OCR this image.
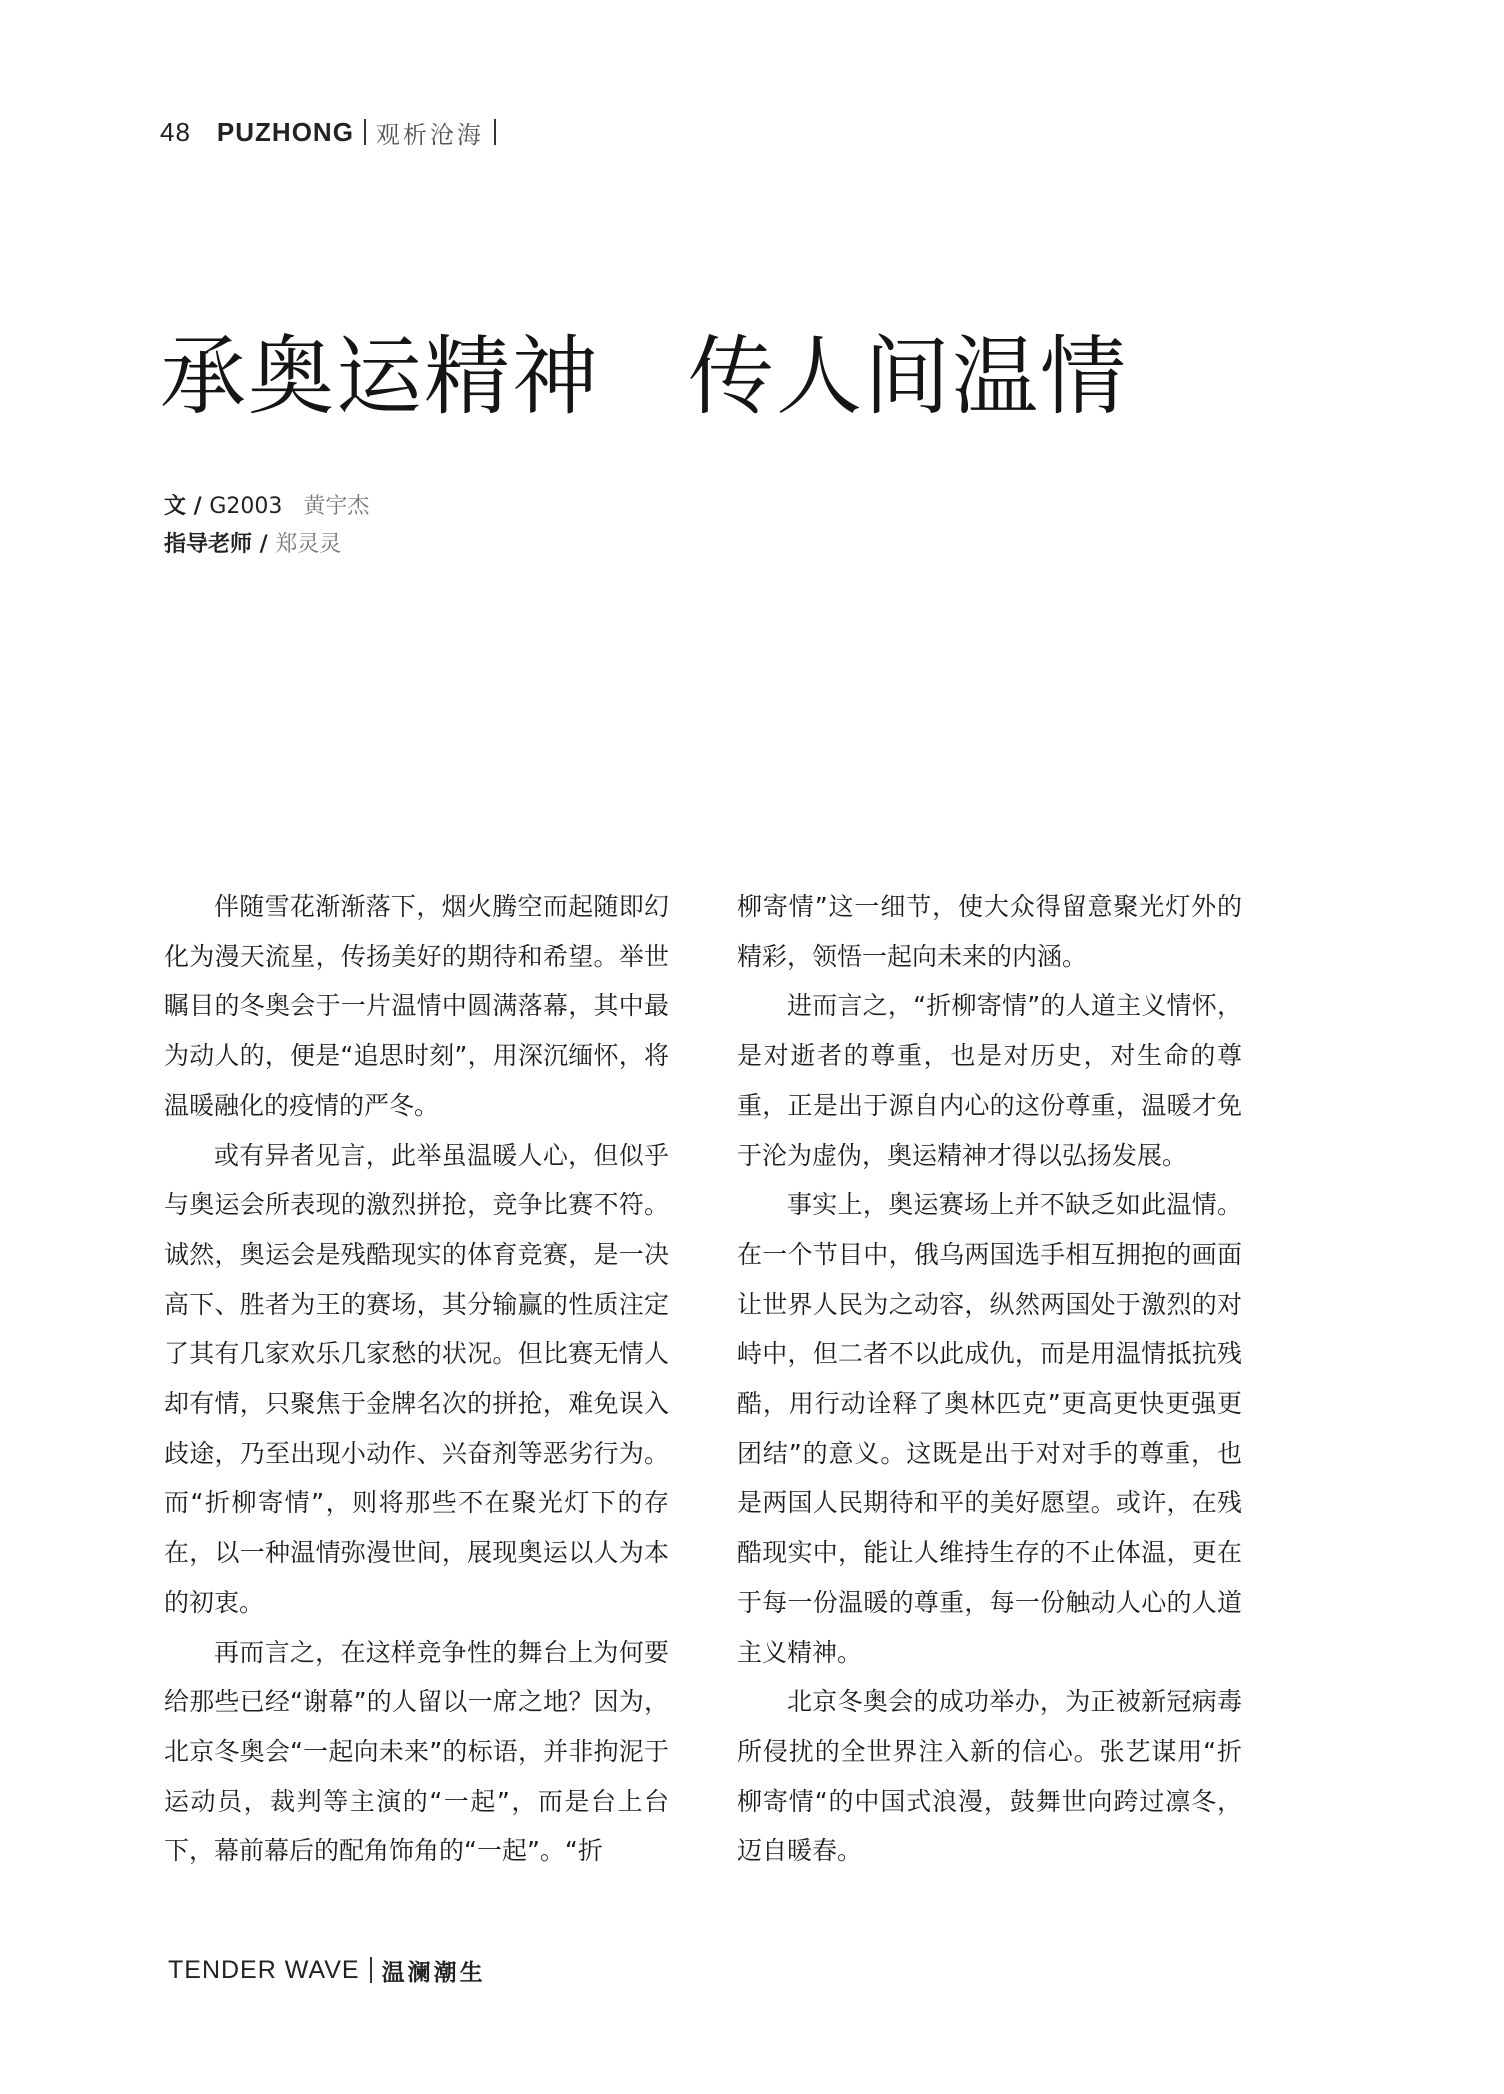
48 PUZHONG 观析沧海
承奥运精神　传人间温情
文 / G2003 黄宇杰
指导老师 / 郑灵灵

伴随雪花渐渐落下，烟火腾空而起随即幻化为漫天流星，传扬美好的期待和希望。举世瞩目的冬奥会于一片温情中圆满落幕，其中最为动人的，便是“追思时刻”，用深沉缅怀，将温暖融化的疫情的严冬。

或有异者见言，此举虽温暖人心，但似乎与奥运会所表现的激烈拼抢，竞争比赛不符。诚然，奥运会是残酷现实的体育竞赛，是一决高下、胜者为王的赛场，其分输赢的性质注定了其有几家欢乐几家愁的状况。但比赛无情人却有情，只聚焦于金牌名次的拼抢，难免误入歧途，乃至出现小动作、兴奋剂等恶劣行为。而“折柳寄情”，则将那些不在聚光灯下的存在，以一种温情弥漫世间，展现奥运以人为本的初衷。

再而言之，在这样竞争性的舞台上为何要给那些已经“谢幕”的人留以一席之地？因为，北京冬奥会“一起向未来”的标语，并非拘泥于运动员，裁判等主演的“一起”，而是台上台下，幕前幕后的配角饰角的“一起”。“折

柳寄情”这一细节，使大众得留意聚光灯外的精彩，领悟一起向未来的内涵。

进而言之，“折柳寄情”的人道主义情怀，是对逝者的尊重，也是对历史，对生命的尊重，正是出于源自内心的这份尊重，温暖才免于沦为虚伪，奥运精神才得以弘扬发展。

事实上，奥运赛场上并不缺乏如此温情。在一个节目中，俄乌两国选手相互拥抱的画面让世界人民为之动容，纵然两国处于激烈的对峙中，但二者不以此成仇，而是用温情抵抗残酷，用行动诠释了奥林匹克”更高更快更强更团结”的意义。这既是出于对对手的尊重，也是两国人民期待和平的美好愿望。或许，在残酷现实中，能让人维持生存的不止体温，更在于每一份温暖的尊重，每一份触动人心的人道主义精神。

北京冬奥会的成功举办，为正被新冠病毒所侵扰的全世界注入新的信心。张艺谋用“折柳寄情“的中国式浪漫，鼓舞世向跨过凛冬，迈自暖春。

TENDER WAVE 温澜潮生
